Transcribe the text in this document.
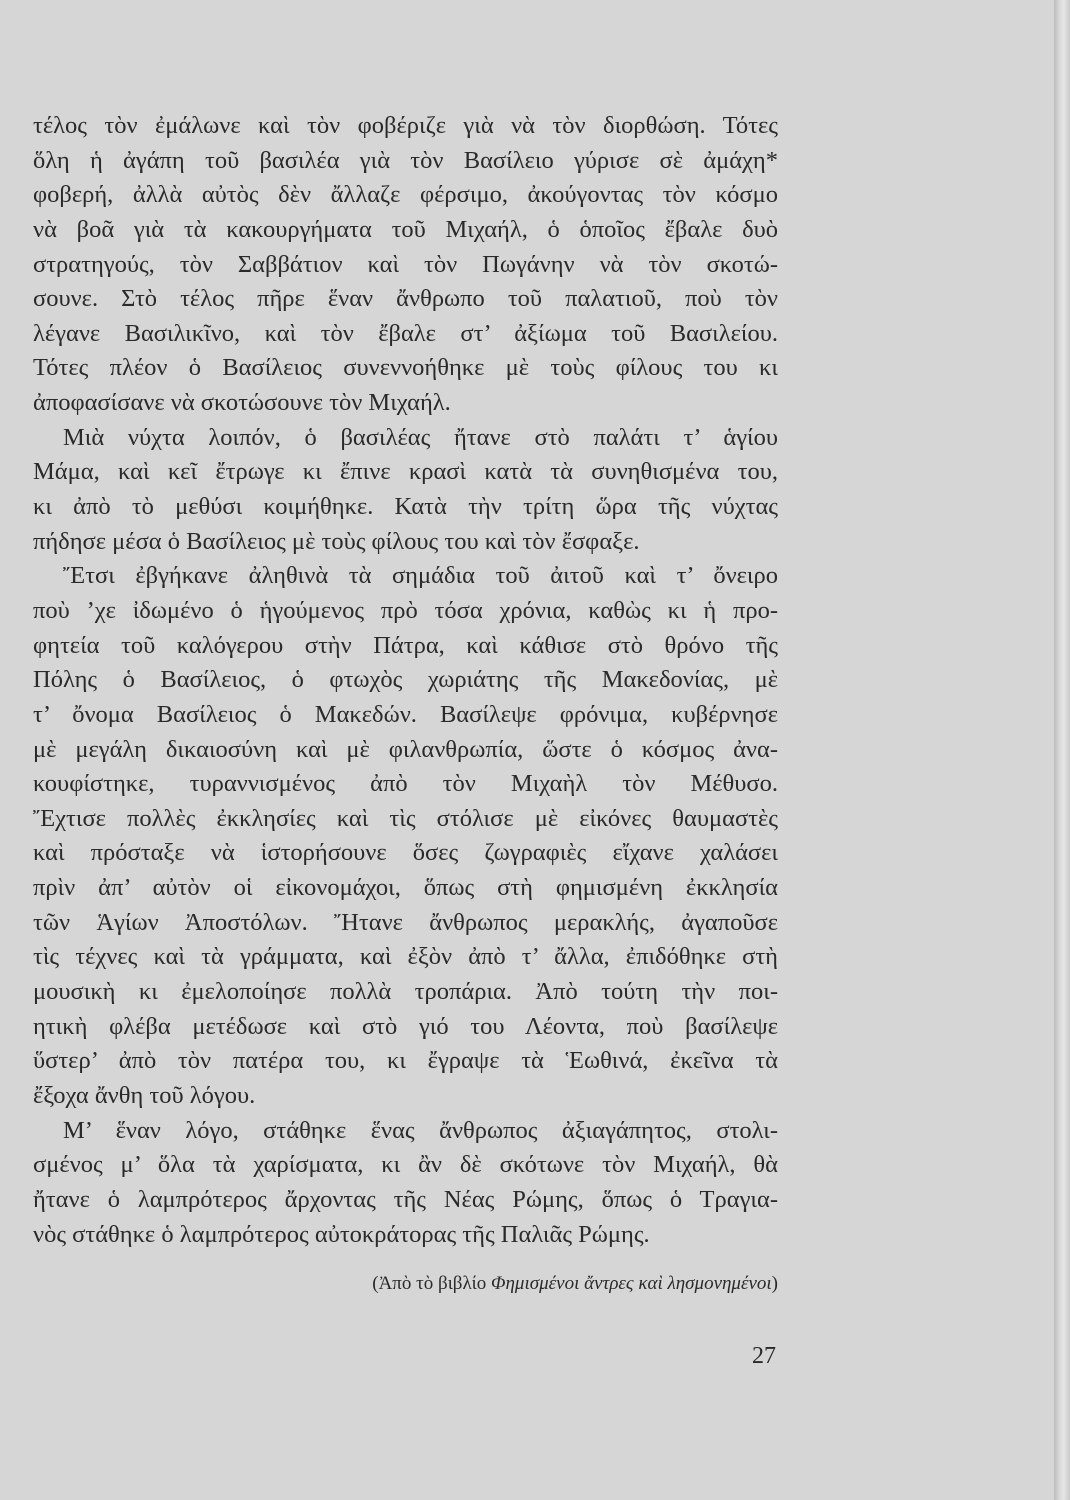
τέλος τὸν ἐμάλωνε καὶ τὸν φοβέριζε γιὰ νὰ τὸν διορθώση. Τότες
ὅλη ἡ ἀγάπη τοῦ βασιλέα γιὰ τὸν Βασίλειο γύρισε σὲ ἀμάχη*
φοβερή, ἀλλὰ αὐτὸς δὲν ἄλλαζε φέρσιμο, ἀκούγοντας τὸν κόσμο
νὰ βοᾶ γιὰ τὰ κακουργήματα τοῦ Μιχαήλ, ὁ ὁποῖος ἔβαλε δυὸ
στρατηγούς, τὸν Σαββάτιον καὶ τὸν Πωγάνην νὰ τὸν σκοτώ-
σουνε. Στὸ τέλος πῆρε ἕναν ἄνθρωπο τοῦ παλατιοῦ, ποὺ τὸν
λέγανε Βασιλικῖνο, καὶ τὸν ἔβαλε στ’ ἀξίωμα τοῦ Βασιλείου.
Τότες πλέον ὁ Βασίλειος συνεννοήθηκε μὲ τοὺς φίλους του κι
ἀποφασίσανε νὰ σκοτώσουνε τὸν Μιχαήλ.
Μιὰ νύχτα λοιπόν, ὁ βασιλέας ἤτανε στὸ παλάτι τ’ ἁγίου
Μάμα, καὶ κεῖ ἔτρωγε κι ἔπινε κρασὶ κατὰ τὰ συνηθισμένα του,
κι ἀπὸ τὸ μεθύσι κοιμήθηκε. Κατὰ τὴν τρίτη ὥρα τῆς νύχτας
πήδησε μέσα ὁ Βασίλειος μὲ τοὺς φίλους του καὶ τὸν ἔσφαξε.
Ἔτσι ἐβγήκανε ἀληθινὰ τὰ σημάδια τοῦ ἀιτοῦ καὶ τ’ ὄνειρο
ποὺ ’χε ἰδωμένο ὁ ἡγούμενος πρὸ τόσα χρόνια, καθὼς κι ἡ προ-
φητεία τοῦ καλόγερου στὴν Πάτρα, καὶ κάθισε στὸ θρόνο τῆς
Πόλης ὁ Βασίλειος, ὁ φτωχὸς χωριάτης τῆς Μακεδονίας, μὲ
τ’ ὄνομα Βασίλειος ὁ Μακεδών. Βασίλεψε φρόνιμα, κυβέρνησε
μὲ μεγάλη δικαιοσύνη καὶ μὲ φιλανθρωπία, ὥστε ὁ κόσμος ἀνα-
κουφίστηκε, τυραννισμένος ἀπὸ τὸν Μιχαὴλ τὸν Μέθυσο.
Ἔχτισε πολλὲς ἐκκλησίες καὶ τὶς στόλισε μὲ εἰκόνες θαυμαστὲς
καὶ πρόσταξε νὰ ἱστορήσουνε ὅσες ζωγραφιὲς εἴχανε χαλάσει
πρὶν ἀπ’ αὐτὸν οἱ εἰκονομάχοι, ὅπως στὴ φημισμένη ἐκκλησία
τῶν Ἁγίων Ἀποστόλων. Ἤτανε ἄνθρωπος μερακλής, ἀγαποῦσε
τὶς τέχνες καὶ τὰ γράμματα, καὶ ἐξὸν ἀπὸ τ’ ἄλλα, ἐπιδόθηκε στὴ
μουσικὴ κι ἐμελοποίησε πολλὰ τροπάρια. Ἀπὸ τούτη τὴν ποι-
ητικὴ φλέβα μετέδωσε καὶ στὸ γιό του Λέοντα, ποὺ βασίλεψε
ὕστερ’ ἀπὸ τὸν πατέρα του, κι ἔγραψε τὰ Ἑωθινά, ἐκεῖνα τὰ
ἔξοχα ἄνθη τοῦ λόγου.
Μ’ ἕναν λόγο, στάθηκε ἕνας ἄνθρωπος ἀξιαγάπητος, στολι-
σμένος μ’ ὅλα τὰ χαρίσματα, κι ἂν δὲ σκότωνε τὸν Μιχαήλ, θὰ
ἤτανε ὁ λαμπρότερος ἄρχοντας τῆς Νέας Ρώμης, ὅπως ὁ Τραγια-
νὸς στάθηκε ὁ λαμπρότερος αὐτοκράτορας τῆς Παλιᾶς Ρώμης.
(Ἀπὸ τὸ βιβλίο Φημισμένοι ἄντρες καὶ λησμονημένοι)
27
